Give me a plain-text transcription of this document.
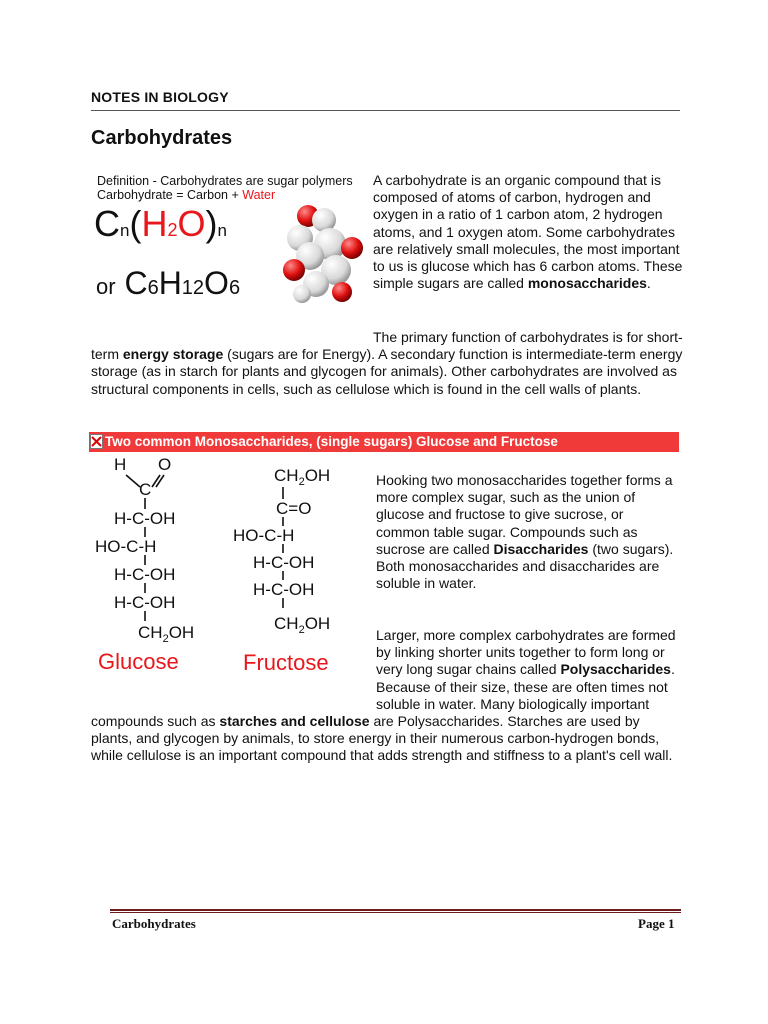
NOTES IN BIOLOGY
Carbohydrates
Definition - Carbohydrates are sugar polymers
Carbohydrate = Carbon + Water
Cn(H2O)n
or C6H12O6
A carbohydrate is an organic compound that is composed of atoms of carbon, hydrogen and oxygen in a ratio of 1 carbon atom, 2 hydrogen atoms, and 1 oxygen atom. Some carbohydrates are relatively small molecules, the most important to us is glucose which has 6 carbon atoms. These simple sugars are called monosaccharides.
The primary function of carbohydrates is for short-term energy storage (sugars are for Energy). A secondary function is intermediate-term energy storage (as in starch for plants and glycogen for animals). Other carbohydrates are involved as structural components in cells, such as cellulose which is found in the cell walls of plants.
Two common Monosaccharides, (single sugars) Glucose and Fructose
H O
C
H-C-OH
HO-C-H
H-C-OH
H-C-OH
$CH_2OH$
Glucose
$CH_2OH$
C=O
HO-C-H
H-C-OH
H-C-OH
$CH_2OH$
Fructose
Hooking two monosaccharides together forms a more complex sugar, such as the union of glucose and fructose to give sucrose, or common table sugar. Compounds such as sucrose are called Disaccharides (two sugars). Both monosaccharides and disaccharides are soluble in water.
Larger, more complex carbohydrates are formed by linking shorter units together to form long or very long sugar chains called Polysaccharides. Because of their size, these are often times not soluble in water. Many biologically important compounds such as starches and cellulose are Polysaccharides. Starches are used by plants, and glycogen by animals, to store energy in their numerous carbon-hydrogen bonds, while cellulose is an important compound that adds strength and stiffness to a plant's cell wall.
Carbohydrates	Page 1
